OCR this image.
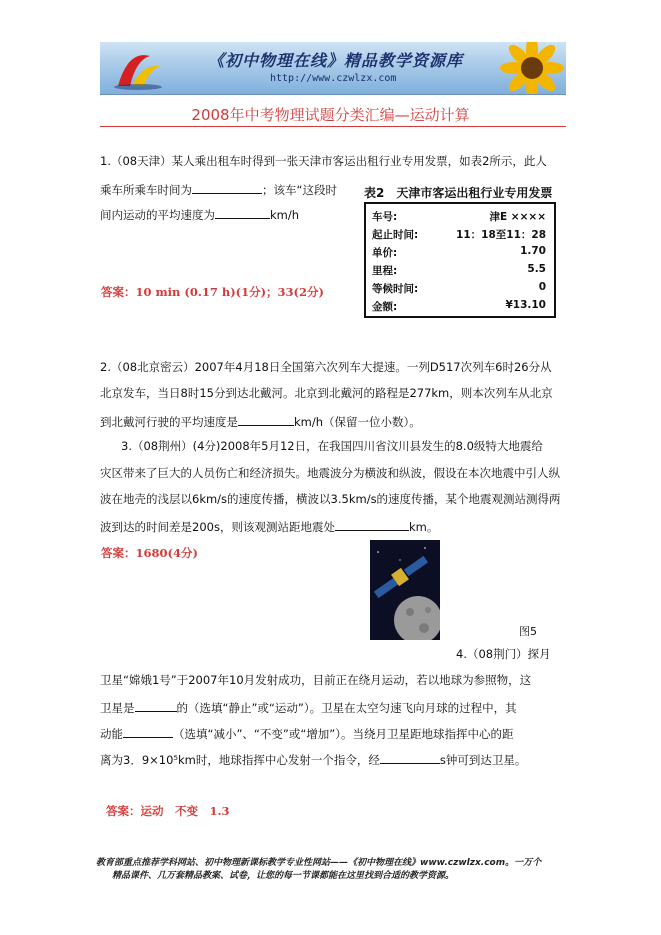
《初中物理在线》精品教学资源库
http://www.czwlzx.com
2008年中考物理试题分类汇编—运动计算
1.（08天津）某人乘出租车时得到一张天津市客运出租行业专用发票，如表2所示，此人
乘车所乘车时间为	；该车“这段时
间内运动的平均速度为	km/h
答案：10 min (0.17 h)(1分)；33(2分)
表2　天津市客运出租行业专用发票
车号:	津E ××××
起止时间:	11：18至11：28
单价:	1.70
里程:	5.5
等候时间:	0
金额:	¥13.10
2.（08北京密云）2007年4月18日全国第六次列车大提速。一列D517次列车6时26分从
北京发车，当日8时15分到达北戴河。北京到北戴河的路程是277km，则本次列车从北京
到北戴河行驶的平均速度是	km/h（保留一位小数）。
3.（08荆州）(4分)2008年5月12日，在我国四川省汶川县发生的8.0级特大地震给
灾区带来了巨大的人员伤亡和经济损失。地震波分为横波和纵波，假设在本次地震中引人纵
波在地壳的浅层以6km/s的速度传播，横波以3.5km/s的速度传播，某个地震观测站测得两
波到达的时间差是200s，则该观测站距地震处	km。
答案：1680(4分)
图5
4.（08荆门）探月
卫星“嫦娥1号”于2007年10月发射成功，目前正在绕月运动，若以地球为参照物，这
卫星是	的（选填“静止”或“运动”）。卫星在太空匀速飞向月球的过程中，其
动能	（选填“减小”、“不变”或“增加”）。当绕月卫星距地球指挥中心的距
离为3．9×10⁵km时，地球指挥中心发射一个指令，经	s钟可到达卫星。
答案：运动　不变　1.3
教育部重点推荐学科网站、初中物理新课标教学专业性网站——《初中物理在线》www.czwlzx.com。一万个
精品课件、几万套精品教案、试卷，让您的每一节课都能在这里找到合适的教学资源。
